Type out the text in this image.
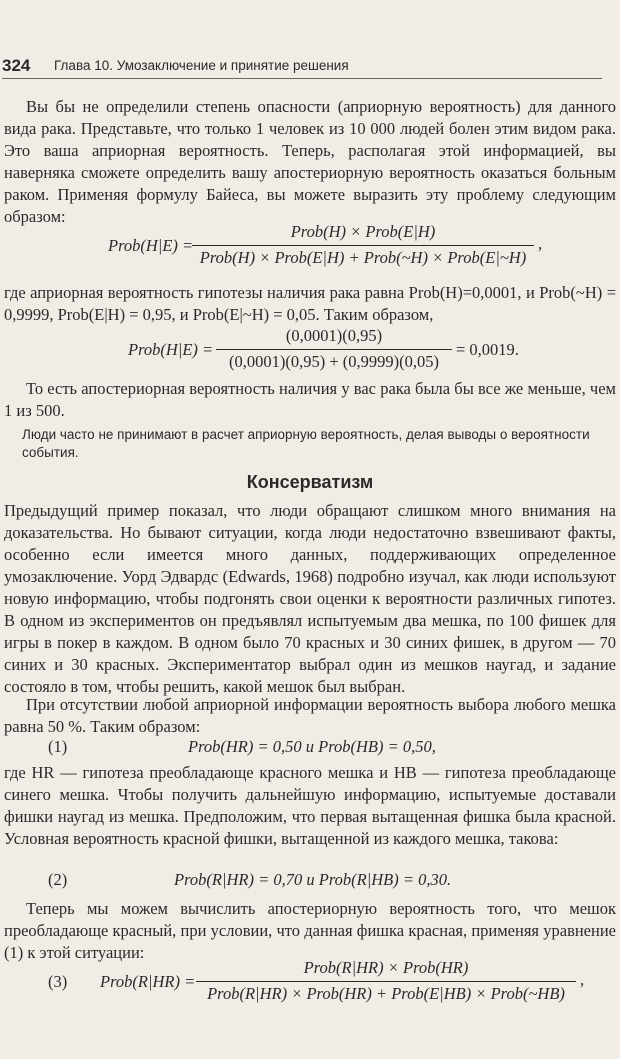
324 Глава 10. Умозаключение и принятие решения
Вы бы не определили степень опасности (априорную вероятность) для данного вида рака. Представьте, что только 1 человек из 10 000 людей болен этим видом рака. Это ваша априорная вероятность. Теперь, располагая этой информацией, вы наверняка сможете определить вашу апостериорную вероятность оказаться больным раком. Применяя формулу Байеса, вы можете выразить эту проблему следующим образом:
Prob(H|E) =
Prob(H) × Prob(E|H)
Prob(H) × Prob(E|H) + Prob(~H) × Prob(E|~H)
,
где априорная вероятность гипотезы наличия рака равна Prob(H)=0,0001, и Prob(~H) = 0,9999, Prob(E|H) = 0,95, и Prob(E|~H) = 0,05. Таким образом,
Prob(H|E) = $\frac{(0,0001)(0,95)}{(0,0001)(0,95) + (0,9999)(0,05)} = 0,0019$.
То есть апостериорная вероятность наличия у вас рака была бы все же меньше, чем 1 из 500.
Люди часто не принимают в расчет априорную вероятность, делая выводы о вероятности события.
Консерватизм
Предыдущий пример показал, что люди обращают слишком много внимания на доказательства. Но бывают ситуации, когда люди недостаточно взвешивают факты, особенно если имеется много данных, поддерживающих определенное умозаключение. Уорд Эдвардс (Edwards, 1968) подробно изучал, как люди используют новую информацию, чтобы подгонять свои оценки к вероятности различных гипотез. В одном из экспериментов он предъявлял испытуемым два мешка, по 100 фишек для игры в покер в каждом. В одном было 70 красных и 30 синих фишек, в другом — 70 синих и 30 красных. Экспериментатор выбрал один из мешков наугад, и задание состояло в том, чтобы решить, какой мешок был выбран.
При отсутствии любой априорной информации вероятность выбора любого мешка равна 50 %. Таким образом:
(1)	Prob(HR) = 0,50 и Prob(HB) = 0,50,
где HR — гипотеза преобладающе красного мешка и HB — гипотеза преобладающе синего мешка. Чтобы получить дальнейшую информацию, испытуемые доставали фишки наугад из мешка. Предположим, что первая вытащенная фишка была красной. Условная вероятность красной фишки, вытащенной из каждого мешка, такова:
(2)	Prob(R|HR) = 0,70 и Prob(R|HB) = 0,30.
Теперь мы можем вычислить апостериорную вероятность того, что мешок преобладающе красный, при условии, что данная фишка красная, применяя уравнение (1) к этой ситуации:
(3) Prob(R|HR) =
Prob(R|HR) × Prob(HR)
Prob(R|HR) × Prob(HR) + Prob(E|HB) × Prob(~HB)
,
